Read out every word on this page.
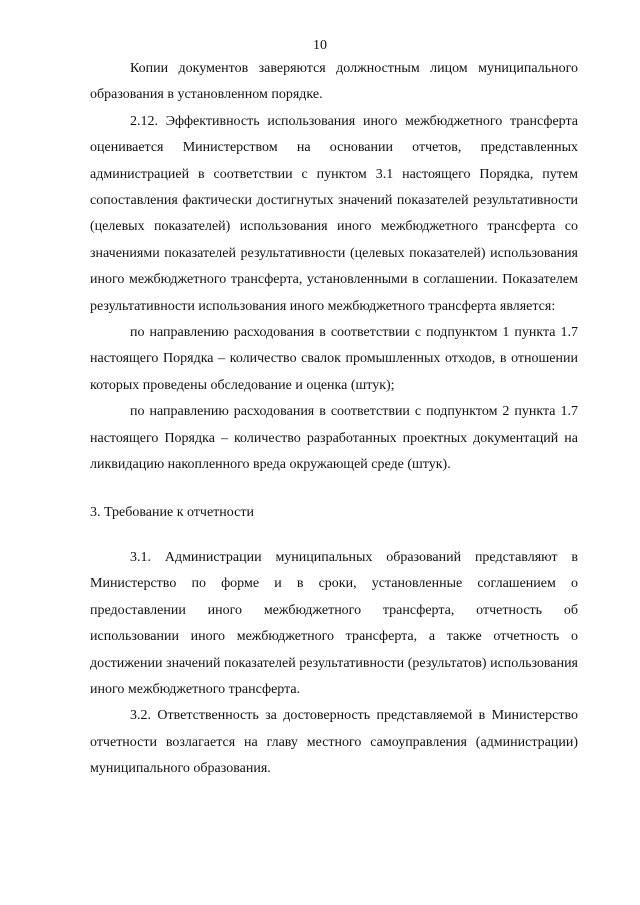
10

Копии документов заверяются должностным лицом муниципального образования в установленном порядке.

2.12. Эффективность использования иного межбюджетного трансферта оценивается Министерством на основании отчетов, представленных администрацией в соответствии с пунктом 3.1 настоящего Порядка, путем сопоставления фактически достигнутых значений показателей результативности (целевых показателей) использования иного межбюджетного трансферта со значениями показателей результативности (целевых показателей) использования иного межбюджетного трансферта, установленными в соглашении. Показателем результативности использования иного межбюджетного трансферта является:

по направлению расходования в соответствии с подпунктом 1 пункта 1.7 настоящего Порядка – количество свалок промышленных отходов, в отношении которых проведены обследование и оценка (штук);

по направлению расходования в соответствии с подпунктом 2 пункта 1.7 настоящего Порядка – количество разработанных проектных документаций на ликвидацию накопленного вреда окружающей среде (штук).

3. Требование к отчетности

3.1. Администрации муниципальных образований представляют в Министерство по форме и в сроки, установленные соглашением о предоставлении иного межбюджетного трансферта, отчетность об использовании иного межбюджетного трансферта, а также отчетность о достижении значений показателей результативности (результатов) использования иного межбюджетного трансферта.

3.2. Ответственность за достоверность представляемой в Министерство отчетности возлагается на главу местного самоуправления (администрации) муниципального образования.
